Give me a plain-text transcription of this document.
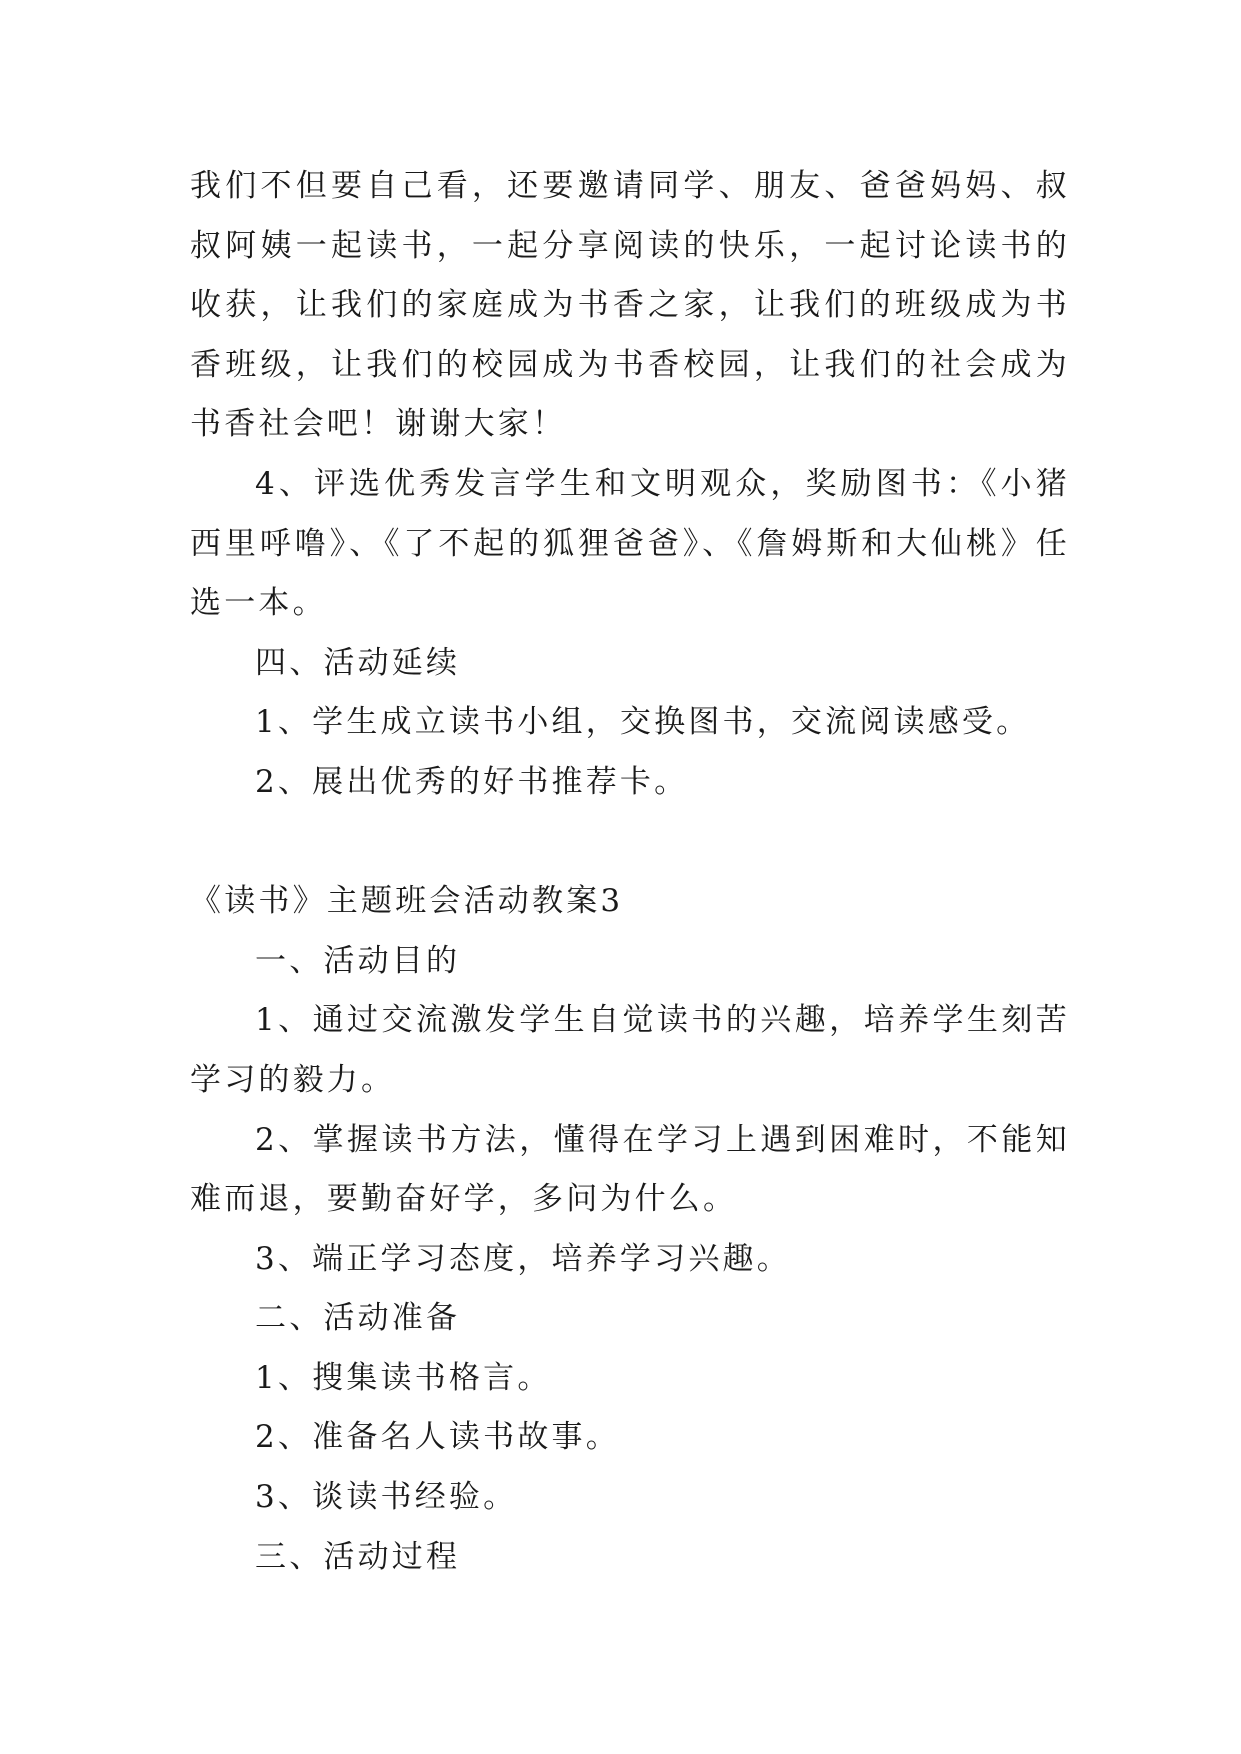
我们不但要自己看，还要邀请同学、朋友、爸爸妈妈、叔叔阿姨一起读书，一起分享阅读的快乐，一起讨论读书的收获，让我们的家庭成为书香之家，让我们的班级成为书香班级，让我们的校园成为书香校园，让我们的社会成为书香社会吧！谢谢大家！

4、评选优秀发言学生和文明观众，奖励图书：《小猪西里呼噜》、《了不起的狐狸爸爸》、《詹姆斯和大仙桃》任选一本。

四、活动延续

1、学生成立读书小组，交换图书，交流阅读感受。

2、展出优秀的好书推荐卡。

《读书》主题班会活动教案3

一、活动目的

1、通过交流激发学生自觉读书的兴趣，培养学生刻苦学习的毅力。

2、掌握读书方法，懂得在学习上遇到困难时，不能知难而退，要勤奋好学，多问为什么。

3、端正学习态度，培养学习兴趣。

二、活动准备

1、搜集读书格言。

2、准备名人读书故事。

3、谈读书经验。

三、活动过程
